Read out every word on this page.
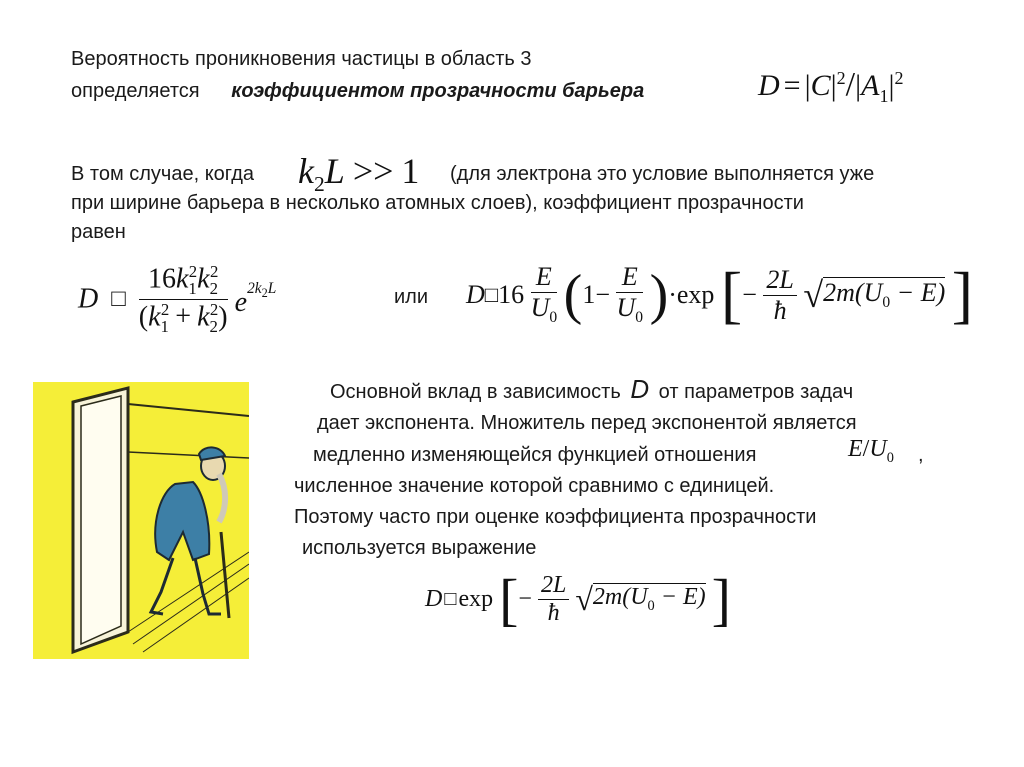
Вероятность проникновения частицы в область 3
определяется коэффициентом прозрачности барьера	$D = |C|^2/|A_1|^2$
В том случае, когда $k_2L >> 1$ (для электрона это условие выполняется уже
при ширине барьера в несколько атомных слоев), коэффициент прозрачности
равен
D □ $\frac{16k_1^2k_2^2}{(k_1^2 + k_2^2)} e^{2k_2L}$	или D□16 $\frac{E}{U_0} (1- \frac{E}{U_0} )\cdot\exp$ [− $\frac{2L}{ħ} √2m(U_0 - E)$ ]
Основной вклад в зависимость D от параметров задач
дает экспонента. Множитель перед экспонентой является
медленно изменяющейся функцией отношения	$E/U_0$ ,
численное значение которой сравнимо с единицей.
Поэтому часто при оценке коэффициента прозрачности
используется выражение
D □exp [− $\frac{2L}{ħ} √2m(U_0 - E)$ ]
